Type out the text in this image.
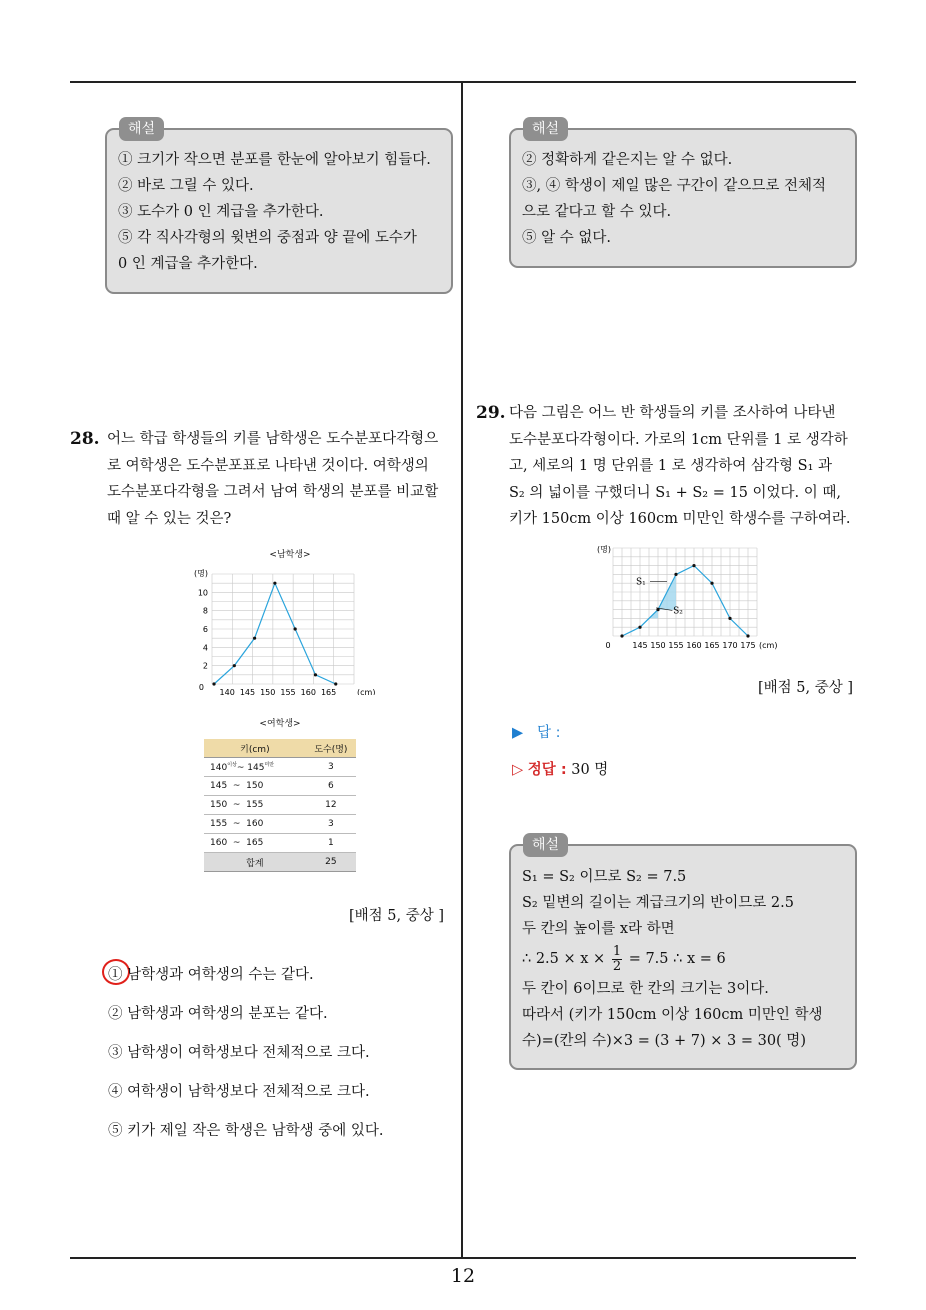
해설
① 크기가 작으면 분포를 한눈에 알아보기 힘들다.
② 바로 그릴 수 있다.
③ 도수가 0 인 계급을 추가한다.
⑤ 각 직사각형의 윗변의 중점과 양 끝에 도수가
0 인 계급을 추가한다.
해설
② 정확하게 같은지는 알 수 없다.
③, ④ 학생이 제일 많은 구간이 같으므로 전체적
으로 같다고 할 수 있다.
⑤ 알 수 없다.
28. 어느 학급 학생들의 키를 남학생은 도수분포다각형으
로 여학생은 도수분포표로 나타낸 것이다. 여학생의
도수분포다각형을 그려서 남여 학생의 분포를 비교할
때 알 수 있는 것은?
<남학생>
(명)
0
2
4
6
8
10
140 145 150 155 160 165	(cm)
<여학생>
키(cm)	도수(명)
$140^{이상}\sim$ $145^{미만}$	3
145  ~  150	6
150  ~  155	12
155  ~  160	3
160  ~  165	1
합계	25
[배점 5, 중상 ]
① 남학생과 여학생의 수는 같다.
② 남학생과 여학생의 분포는 같다.
③ 남학생이 여학생보다 전체적으로 크다.
④ 여학생이 남학생보다 전체적으로 크다.
⑤ 키가 제일 작은 학생은 남학생 중에 있다.
29. 다음 그림은 어느 반 학생들의 키를 조사하여 나타낸
도수분포다각형이다. 가로의 1cm 단위를 1 로 생각하
고, 세로의 1 명 단위를 1 로 생각하여 삼각형 S₁ 과
S₂ 의 넓이를 구했더니 S₁ + S₂ = 15 이었다. 이 때,
키가 150cm 이상 160cm 미만인 학생수를 구하여라.
(명)
0	145 150 155 160 165 170 175 (cm)
S₁
S₂
[배점 5, 중상 ]
▶ 답 :
▷ 정답 : 30 명
해설
S₁ = S₂ 이므로 S₂ = 7.5
S₂ 밑변의 길이는 계급크기의 반이므로 2.5
두 칸의 높이를 x라 하면
∴ $2.5 \times x \times \frac{1}{2} = 7.5$ ∴ x = 6
두 칸이 6이므로 한 칸의 크기는 3이다.
따라서 (키가 150cm 이상 160cm 미만인 학생
수)=(칸의 수)×3 = (3 + 7) × 3 = 30( 명)
12
